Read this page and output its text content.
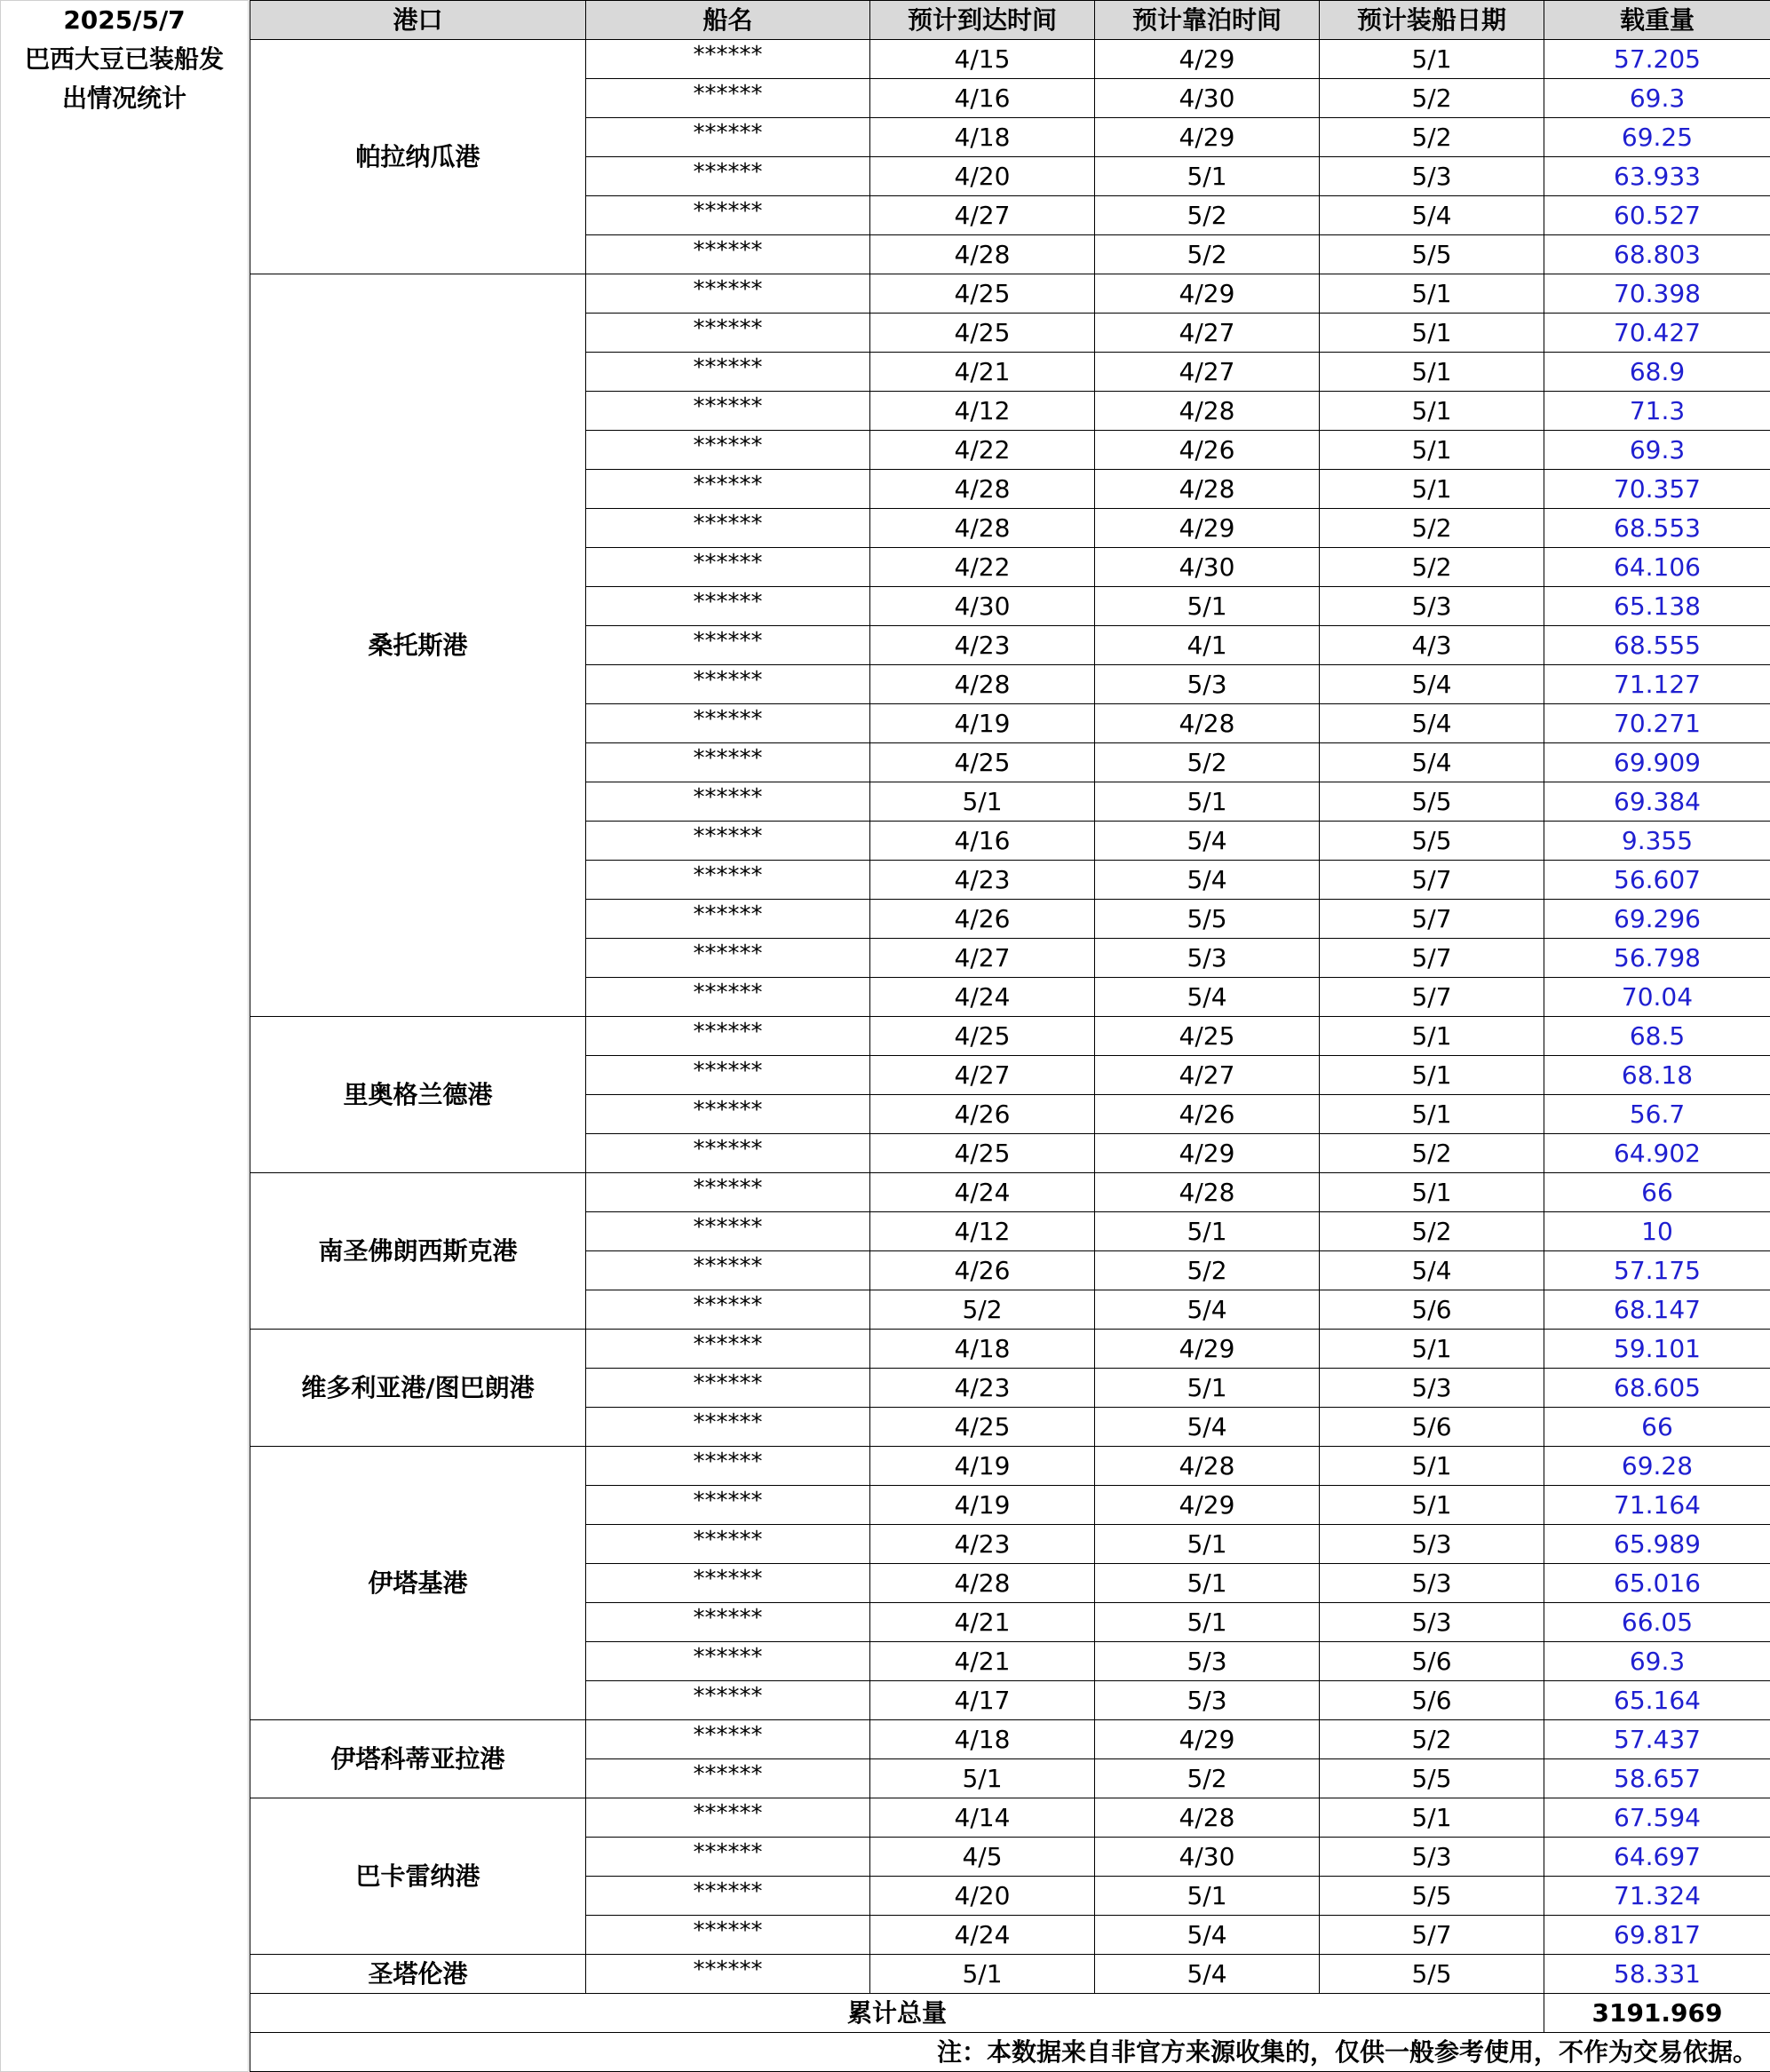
2025/5/7
巴西大豆已装船发
出情况统计
港口	船名	预计到达时间	预计靠泊时间	预计装船日期	载重量
帕拉纳瓜港	******	4/15	4/29	5/1	57.205
	******	4/16	4/30	5/2	69.3
	******	4/18	4/29	5/2	69.25
	******	4/20	5/1	5/3	63.933
	******	4/27	5/2	5/4	60.527
	******	4/28	5/2	5/5	68.803
桑托斯港	******	4/25	4/29	5/1	70.398
	******	4/25	4/27	5/1	70.427
	******	4/21	4/27	5/1	68.9
	******	4/12	4/28	5/1	71.3
	******	4/22	4/26	5/1	69.3
	******	4/28	4/28	5/1	70.357
	******	4/28	4/29	5/2	68.553
	******	4/22	4/30	5/2	64.106
	******	4/30	5/1	5/3	65.138
	******	4/23	4/1	4/3	68.555
	******	4/28	5/3	5/4	71.127
	******	4/19	4/28	5/4	70.271
	******	4/25	5/2	5/4	69.909
	******	5/1	5/1	5/5	69.384
	******	4/16	5/4	5/5	9.355
	******	4/23	5/4	5/7	56.607
	******	4/26	5/5	5/7	69.296
	******	4/27	5/3	5/7	56.798
	******	4/24	5/4	5/7	70.04
里奥格兰德港	******	4/25	4/25	5/1	68.5
	******	4/27	4/27	5/1	68.18
	******	4/26	4/26	5/1	56.7
	******	4/25	4/29	5/2	64.902
南圣佛朗西斯克港	******	4/24	4/28	5/1	66
	******	4/12	5/1	5/2	10
	******	4/26	5/2	5/4	57.175
	******	5/2	5/4	5/6	68.147
维多利亚港/图巴朗港	******	4/18	4/29	5/1	59.101
	******	4/23	5/1	5/3	68.605
	******	4/25	5/4	5/6	66
伊塔基港	******	4/19	4/28	5/1	69.28
	******	4/19	4/29	5/1	71.164
	******	4/23	5/1	5/3	65.989
	******	4/28	5/1	5/3	65.016
	******	4/21	5/1	5/3	66.05
	******	4/21	5/3	5/6	69.3
	******	4/17	5/3	5/6	65.164
伊塔科蒂亚拉港	******	4/18	4/29	5/2	57.437
	******	5/1	5/2	5/5	58.657
巴卡雷纳港	******	4/14	4/28	5/1	67.594
	******	4/5	4/30	5/3	64.697
	******	4/20	5/1	5/5	71.324
	******	4/24	5/4	5/7	69.817
圣塔伦港	******	5/1	5/4	5/5	58.331
累计总量					3191.969
注：本数据来自非官方来源收集的，仅供一般参考使用，不作为交易依据。					
